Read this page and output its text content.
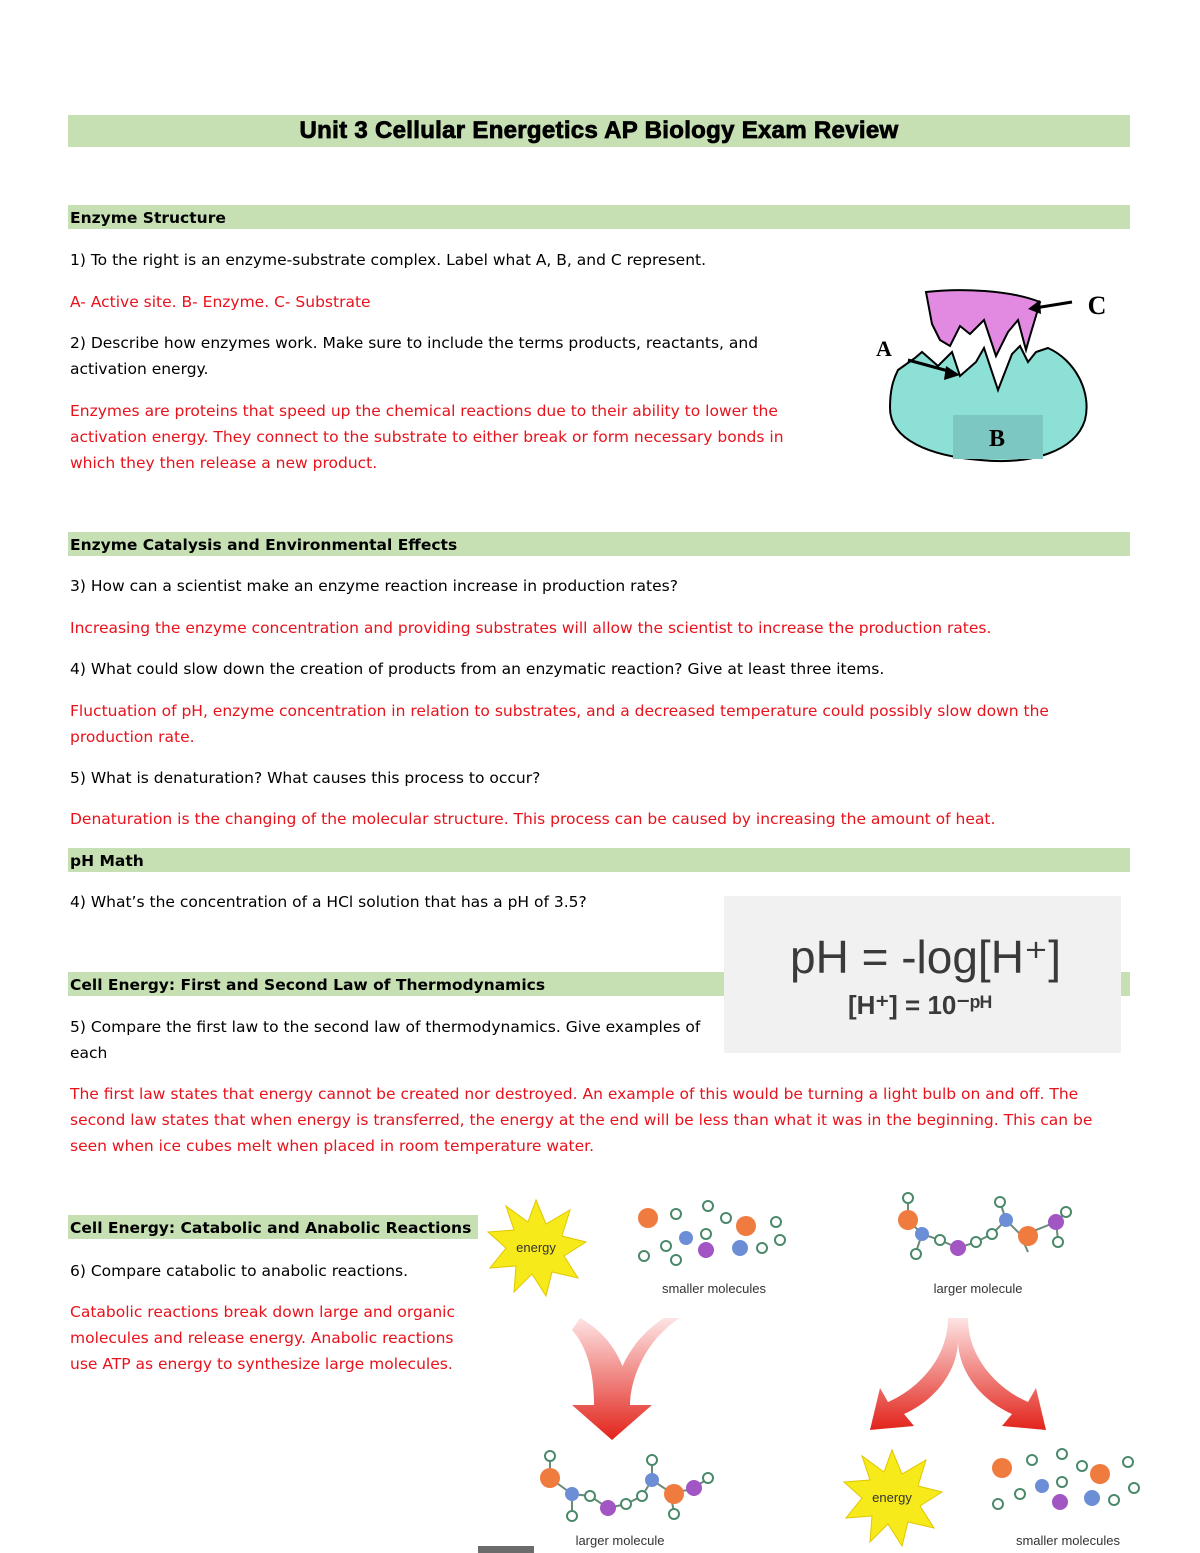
Unit 3 Cellular Energetics AP Biology Exam Review
Enzyme Structure
1) To the right is an enzyme-substrate complex. Label what A, B, and C represent.
A- Active site. B- Enzyme. C- Substrate
2) Describe how enzymes work. Make sure to include the terms products, reactants, and activation energy.
Enzymes are proteins that speed up the chemical reactions due to their ability to lower the activation energy. They connect to the substrate to either break or form necessary bonds in which they then release a new product.
B
C
A
Enzyme Catalysis and Environmental Effects
3) How can a scientist make an enzyme reaction increase in production rates?
Increasing the enzyme concentration and providing substrates will allow the scientist to increase the production rates.
4) What could slow down the creation of products from an enzymatic reaction? Give at least three items.
Fluctuation of pH, enzyme concentration in relation to substrates, and a decreased temperature could possibly slow down the production rate.
5) What is denaturation? What causes this process to occur?
Denaturation is the changing of the molecular structure. This process can be caused by increasing the amount of heat.
pH Math
4) What’s the concentration of a HCl solution that has a pH of 3.5?
Cell Energy: First and Second Law of Thermodynamics
pH = -log[H⁺]
[H⁺] = 10⁻ᵖᴴ
5) Compare the first law to the second law of thermodynamics. Give examples of each
The first law states that energy cannot be created nor destroyed. An example of this would be turning a light bulb on and off. The second law states that when energy is transferred, the energy at the end will be less than what it was in the beginning. This can be seen when ice cubes melt when placed in room temperature water.
Cell Energy: Catabolic and Anabolic Reactions
6) Compare catabolic to anabolic reactions.
Catabolic reactions break down large and organic molecules and release energy. Anabolic reactions use ATP as energy to synthesize large molecules.
energy
smaller molecules	larger molecule
larger molecule
energy
smaller molecules
